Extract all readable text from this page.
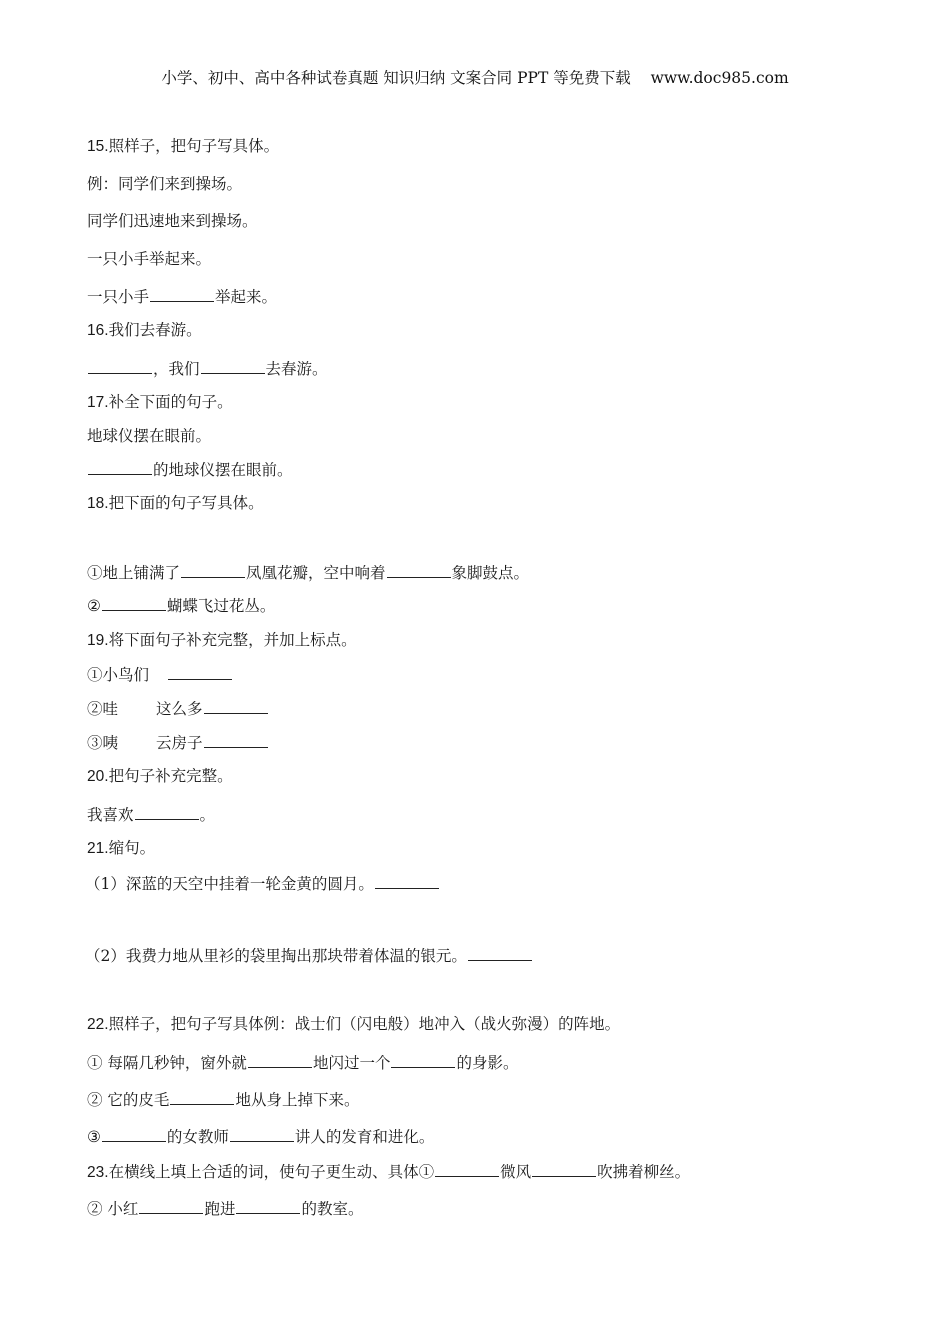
小学、初中、高中各种试卷真题 知识归纳 文案合同 PPT 等免费下载 www.doc985.com
15.照样子，把句子写具体。
例：同学们来到操场。
同学们迅速地来到操场。
一只小手举起来。
一只小手	举起来。
16.我们去春游。
，我们	去春游。
17.补全下面的句子。
地球仪摆在眼前。
的地球仪摆在眼前。
18.把下面的句子写具体。
①地上铺满了	凤凰花瓣，空中响着	象脚鼓点。
②	蝴蝶飞过花丛。
19.将下面句子补充完整，并加上标点。
①小鸟们
②哇 这么多
③咦 云房子
20.把句子补充完整。
我喜欢	。
21.缩句。
（1）深蓝的天空中挂着一轮金黄的圆月。
（2）我费力地从里衫的袋里掏出那块带着体温的银元。
22.照样子，把句子写具体例：战士们（闪电般）地冲入（战火弥漫）的阵地。
① 每隔几秒钟，窗外就	地闪过一个	的身影。
② 它的皮毛	地从身上掉下来。
③	的女教师	讲人的发育和进化。
23.在横线上填上合适的词，使句子更生动、具体①	微风	吹拂着柳丝。
② 小红	跑进	的教室。
